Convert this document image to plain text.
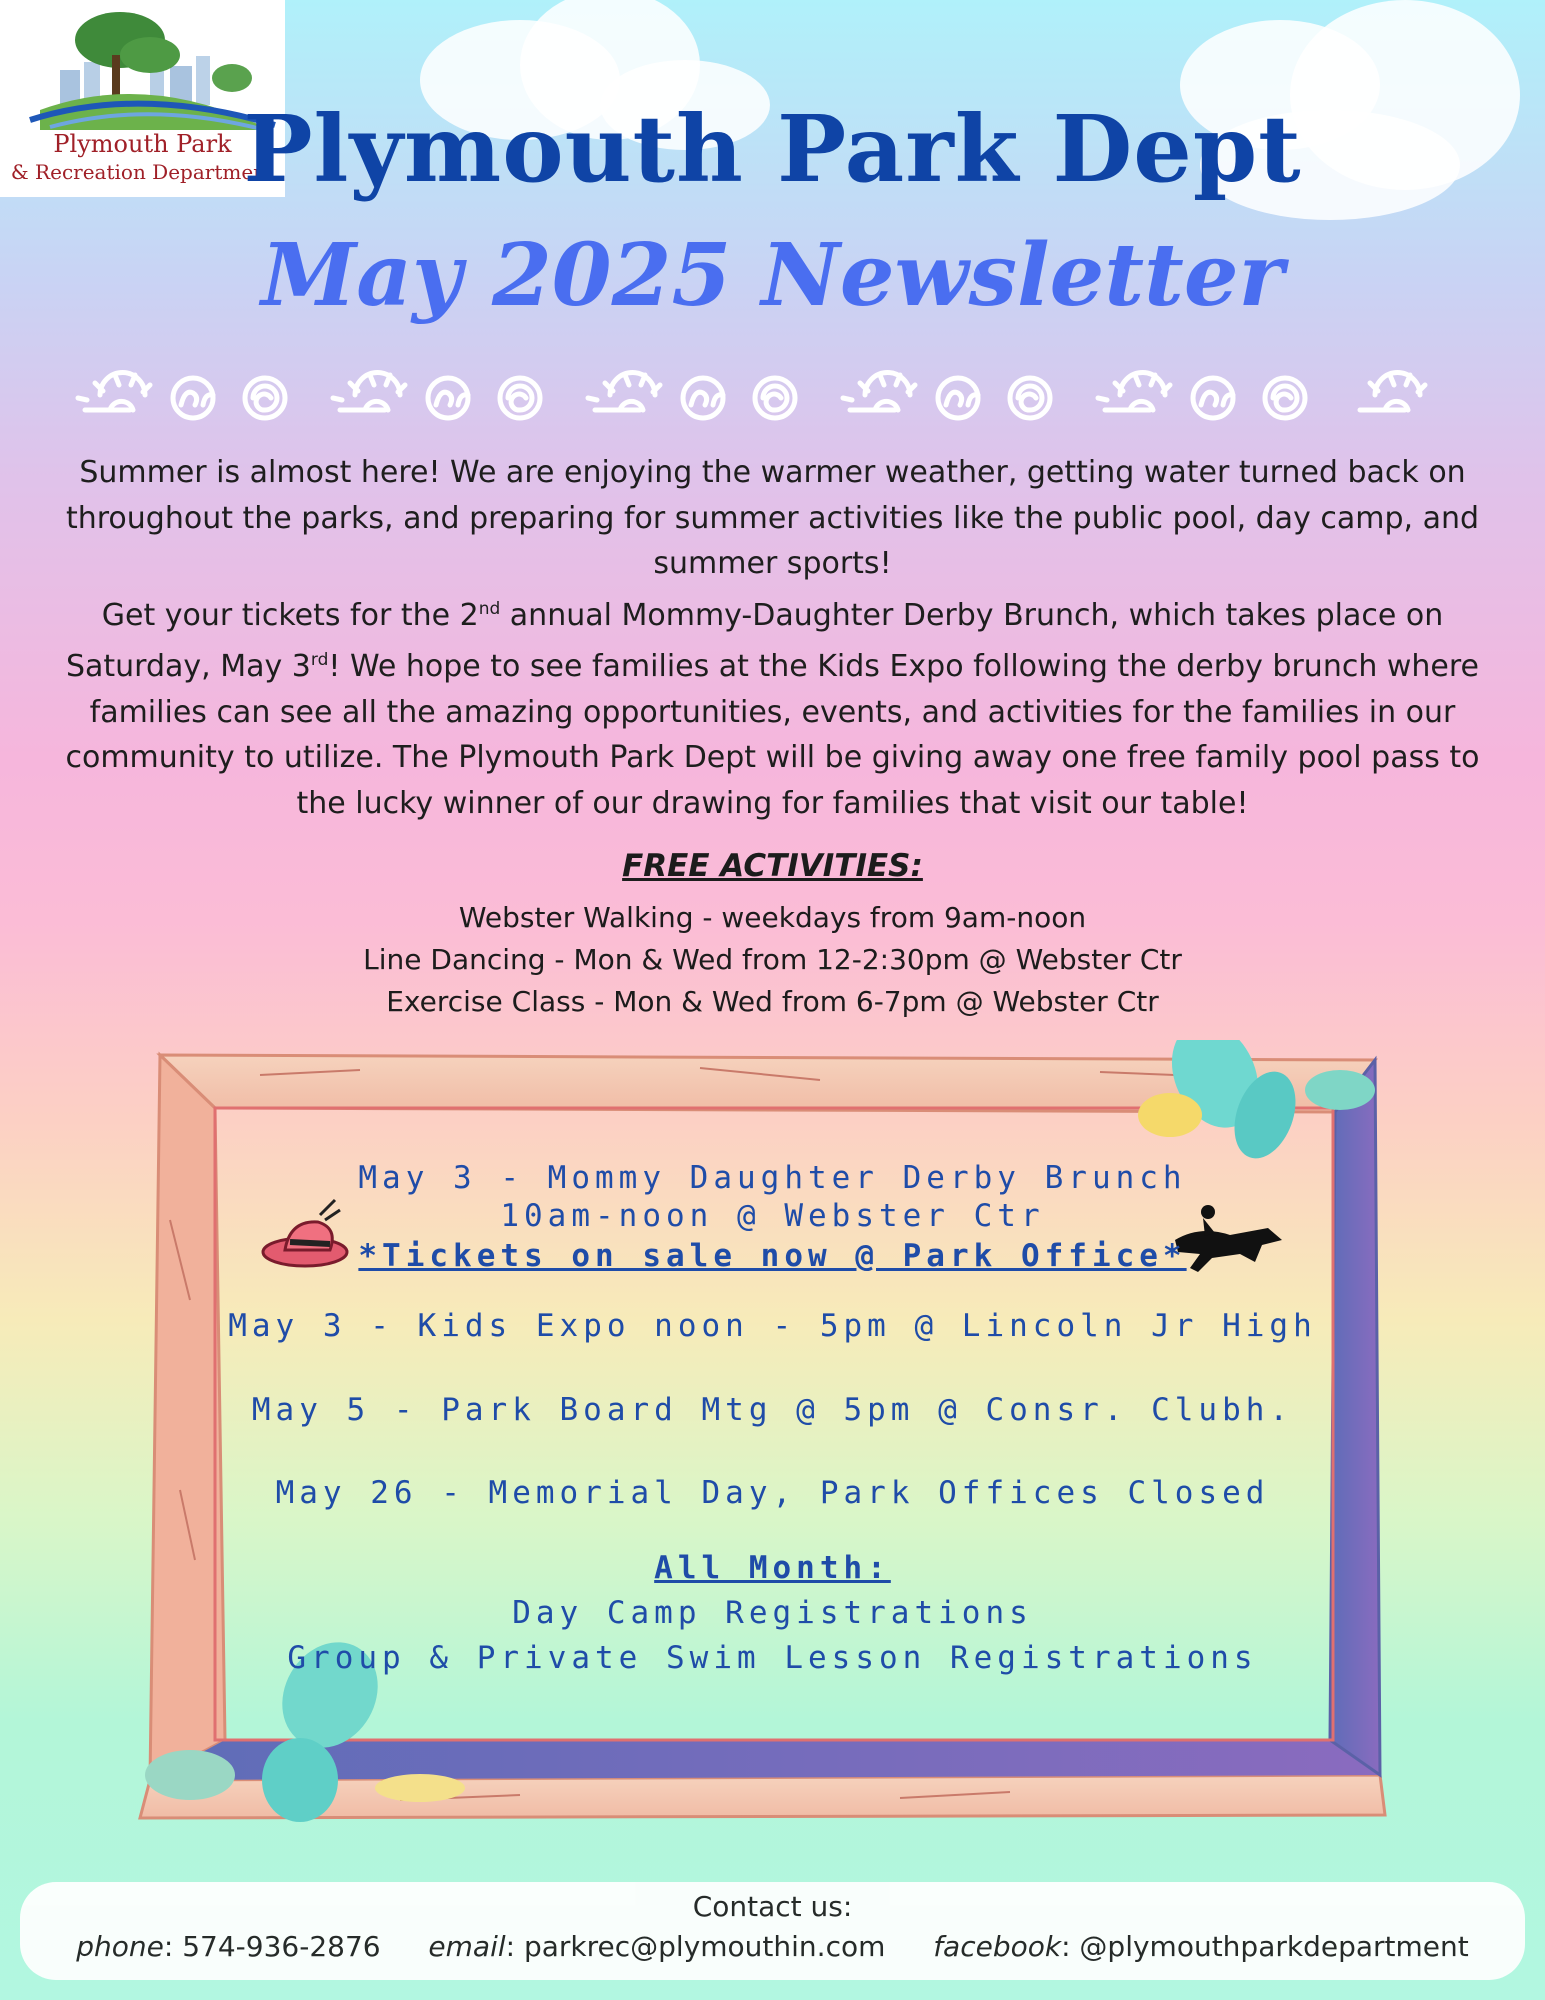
Plymouth Park
& Recreation Department
Plymouth Park Dept
May 2025 Newsletter

Summer is almost here! We are enjoying the warmer weather, getting water turned back on throughout the parks, and preparing for summer activities like the public pool, day camp, and summer sports!

Get your tickets for the 2nd annual Mommy-Daughter Derby Brunch, which takes place on Saturday, May 3rd! We hope to see families at the Kids Expo following the derby brunch where families can see all the amazing opportunities, events, and activities for the families in our community to utilize. The Plymouth Park Dept will be giving away one free family pool pass to the lucky winner of our drawing for families that visit our table!

FREE ACTIVITIES:
Webster Walking - weekdays from 9am-noon
Line Dancing - Mon & Wed from 12-2:30pm @ Webster Ctr
Exercise Class - Mon & Wed from 6-7pm @ Webster Ctr
May 3 - Mommy Daughter Derby Brunch
10am-noon @ Webster Ctr
*Tickets on sale now @ Park Office*
May 3 - Kids Expo noon - 5pm @ Lincoln Jr High
May 5 - Park Board Mtg @ 5pm @ Consr. Clubh.
May 26 - Memorial Day, Park Offices Closed
All Month:
Day Camp Registrations
Group & Private Swim Lesson Registrations
Contact us:
phone: 574-936-2876 email: parkrec@plymouthin.com facebook: @plymouthparkdepartment
